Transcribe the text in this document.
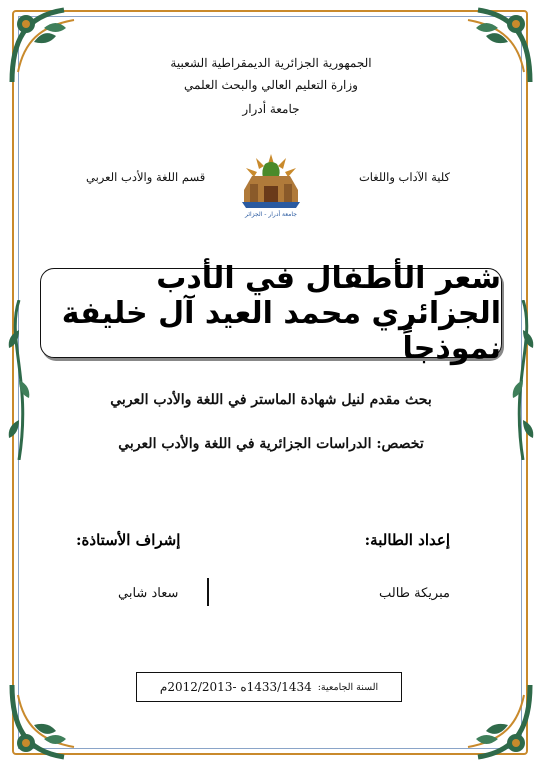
الجمهورية الجزائرية الديمقراطية الشعبية
وزارة التعليم العالي والبحث العلمي
جامعة أدرار
كلية الآداب واللغات
قسم اللغة والأدب العربي
جامعة أدرار - الجزائر
شعر الأطفال في الأدب الجزائري محمد العيد آل خليفة نموذجاً
بحث مقدم لنيل شهادة الماستر في اللغة والأدب العربي
تخصص: الدراسات الجزائرية في اللغة والأدب العربي
إعداد الطالبة:
إشراف الأستاذة:
مبريكة طالب
سعاد شابي
السنة الجامعية:
1433/1434ه -2012/2013م
